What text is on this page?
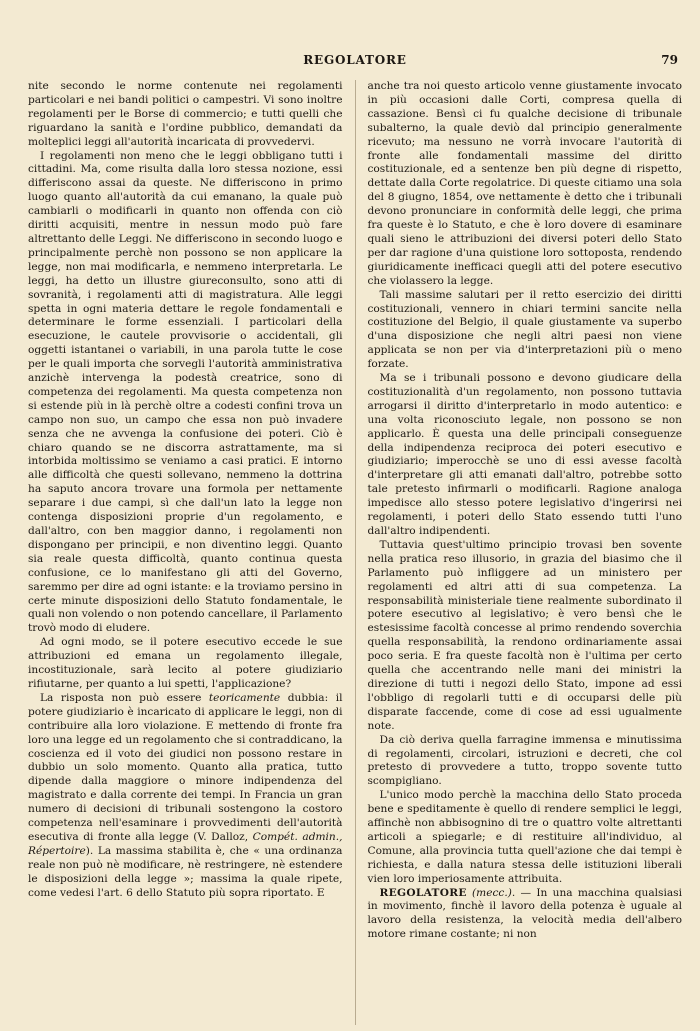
REGOLATORE	79

nite secondo le norme contenute nei regolamenti particolari e nei bandi politici o campestri. Vi sono inoltre regolamenti per le Borse di commercio; e tutti quelli che riguardano la sanità e l'ordine pubblico, demandati da molteplici leggi all'autorità incaricata di provvedervi.

I regolamenti non meno che le leggi obbligano tutti i cittadini. Ma, come risulta dalla loro stessa nozione, essi differiscono assai da queste. Ne differiscono in primo luogo quanto all'autorità da cui emanano, la quale può cambiarli o modificarli in quanto non offenda con ciò diritti acquisiti, mentre in nessun modo può fare altrettanto delle Leggi. Ne differiscono in secondo luogo e principalmente perchè non possono se non applicare la legge, non mai modificarla, e nemmeno interpretarla. Le leggi, ha detto un illustre giureconsulto, sono atti di sovranità, i regolamenti atti di magistratura. Alle leggi spetta in ogni materia dettare le regole fondamentali e determinare le forme essenziali. I particolari della esecuzione, le cautele provvisorie o accidentali, gli oggetti istantanei o variabili, in una parola tutte le cose per le quali importa che sorvegli l'autorità amministrativa anzichè intervenga la podestà creatrice, sono di competenza dei regolamenti. Ma questa competenza non si estende più in là perchè oltre a codesti confini trova un campo non suo, un campo che essa non può invadere senza che ne avvenga la confusione dei poteri. Ciò è chiaro quando se ne discorra astrattamente, ma si intorbida moltissimo se veniamo a casi pratici. E intorno alle difficoltà che questi sollevano, nemmeno la dottrina ha saputo ancora trovare una formola per nettamente separare i due campi, sì che dall'un lato la legge non contenga disposizioni proprie d'un regolamento, e dall'altro, con ben maggior danno, i regolamenti non dispongano per principii, e non diventino leggi. Quanto sia reale questa difficoltà, quanto continua questa confusione, ce lo manifestano gli atti del Governo, saremmo per dire ad ogni istante: e la troviamo persino in certe minute disposizioni dello Statuto fondamentale, le quali non volendo o non potendo cancellare, il Parlamento trovò modo di eludere.

Ad ogni modo, se il potere esecutivo eccede le sue attribuzioni ed emana un regolamento illegale, incostituzionale, sarà lecito al potere giudiziario rifiutarne, per quanto a lui spetti, l'applicazione?

La risposta non può essere teoricamente dubbia: il potere giudiziario è incaricato di applicare le leggi, non di contribuire alla loro violazione. E mettendo di fronte fra loro una legge ed un regolamento che si contraddicano, la coscienza ed il voto dei giudici non possono restare in dubbio un solo momento. Quanto alla pratica, tutto dipende dalla maggiore o minore indipendenza del magistrato e dalla corrente dei tempi. In Francia un gran numero di decisioni di tribunali sostengono la costoro competenza nell'esaminare i provvedimenti dell'autorità esecutiva di fronte alla legge (V. Dalloz, Compét. admin., Répertoire). La massima stabilita è, che « una ordinanza reale non può nè modificare, nè restringere, nè estendere le disposizioni della legge »; massima la quale ripete, come vedesi l'art. 6 dello Statuto più sopra riportato. E

anche tra noi questo articolo venne giustamente invocato in più occasioni dalle Corti, compresa quella di cassazione. Bensì ci fu qualche decisione di tribunale subalterno, la quale deviò dal principio generalmente ricevuto; ma nessuno ne vorrà invocare l'autorità di fronte alle fondamentali massime del diritto costituzionale, ed a sentenze ben più degne di rispetto, dettate dalla Corte regolatrice. Di queste citiamo una sola del 8 giugno, 1854, ove nettamente è detto che i tribunali devono pronunciare in conformità delle leggi, che prima fra queste è lo Statuto, e che è loro dovere di esaminare quali sieno le attribuzioni dei diversi poteri dello Stato per dar ragione d'una quistione loro sottoposta, rendendo giuridicamente inefficaci quegli atti del potere esecutivo che violassero la legge.

Tali massime salutari per il retto esercizio dei diritti costituzionali, vennero in chiari termini sancite nella costituzione del Belgio, il quale giustamente va superbo d'una disposizione che negli altri paesi non viene applicata se non per via d'interpretazioni più o meno forzate.

Ma se i tribunali possono e devono giudicare della costituzionalità d'un regolamento, non possono tuttavia arrogarsi il diritto d'interpretarlo in modo autentico: e una volta riconosciuto legale, non possono se non applicarlo. È questa una delle principali conseguenze della indipendenza reciproca dei poteri esecutivo e giudiziario; imperocchè se uno di essi avesse facoltà d'interpretare gli atti emanati dall'altro, potrebbe sotto tale pretesto infirmarli o modificarli. Ragione analoga impedisce allo stesso potere legislativo d'ingerirsi nei regolamenti, i poteri dello Stato essendo tutti l'uno dall'altro indipendenti.

Tuttavia quest'ultimo principio trovasi ben sovente nella pratica reso illusorio, in grazia del biasimo che il Parlamento può infliggere ad un ministero per regolamenti ed altri atti di sua competenza. La responsabilità ministeriale tiene realmente subordinato il potere esecutivo al legislativo; è vero bensì che le estesissime facoltà concesse al primo rendendo soverchia quella responsabilità, la rendono ordinariamente assai poco seria. E fra queste facoltà non è l'ultima per certo quella che accentrando nelle mani dei ministri la direzione di tutti i negozi dello Stato, impone ad essi l'obbligo di regolarli tutti e di occuparsi delle più disparate faccende, come di cose ad essi ugualmente note.

Da ciò deriva quella farragine immensa e minutissima di regolamenti, circolari, istruzioni e decreti, che col pretesto di provvedere a tutto, troppo sovente tutto scompigliano.

L'unico modo perchè la macchina dello Stato proceda bene e speditamente è quello di rendere semplici le leggi, affinchè non abbisognino di tre o quattro volte altrettanti articoli a spiegarle; e di restituire all'individuo, al Comune, alla provincia tutta quell'azione che dai tempi è richiesta, e dalla natura stessa delle istituzioni liberali vien loro imperiosamente attribuita.

REGOLATORE (mecc.). — In una macchina qualsiasi in movimento, finchè il lavoro della potenza è uguale al lavoro della resistenza, la velocità media dell'albero motore rimane costante; ni non
